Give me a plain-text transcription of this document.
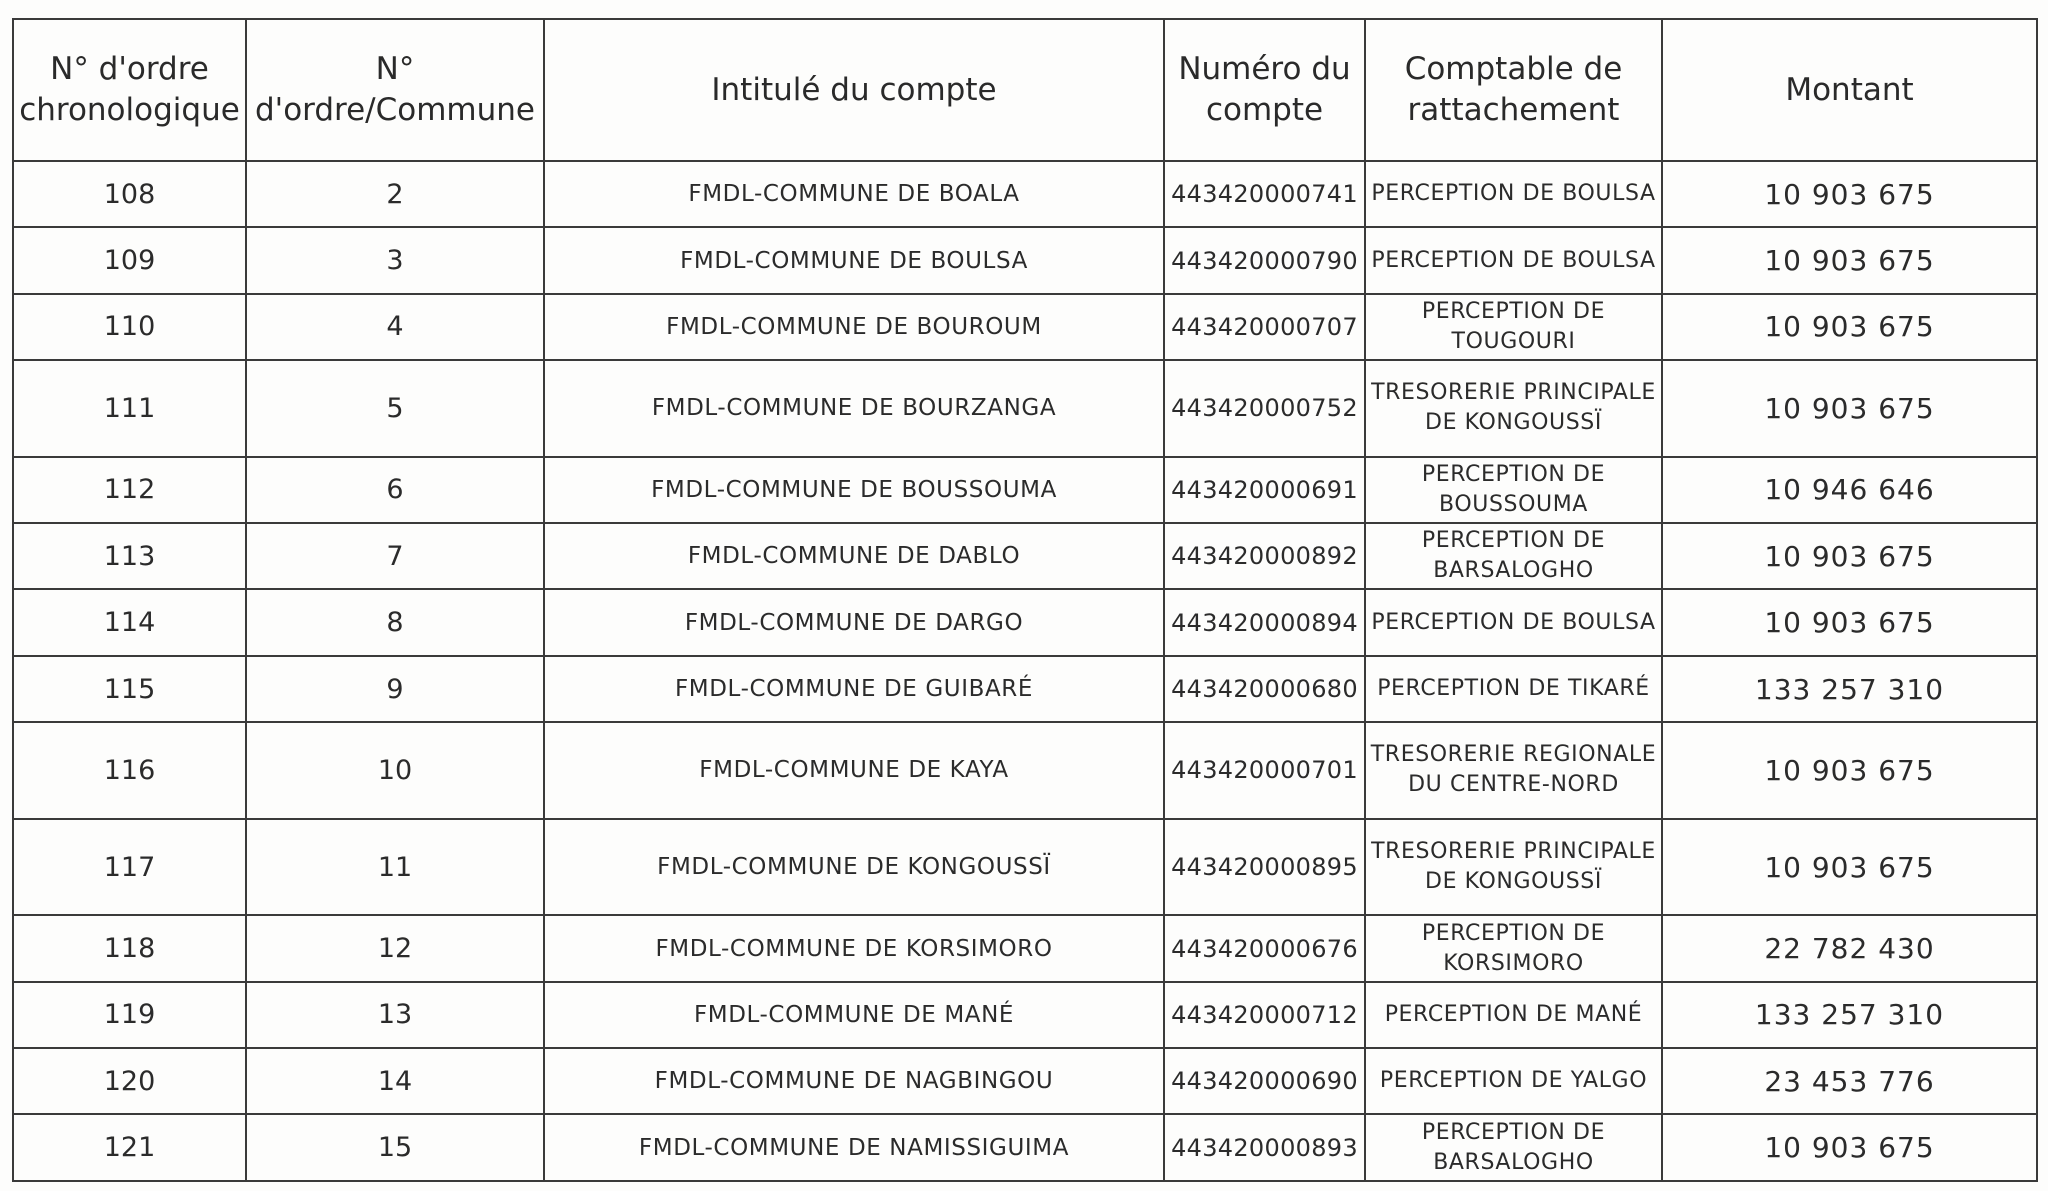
N° d'ordre chronologique	N° d'ordre/Commune	Intitulé du compte	Numéro du compte	Comptable de rattachement	Montant
108	2	FMDL-COMMUNE DE BOALA	443420000741	PERCEPTION DE BOULSA	10 903 675
109	3	FMDL-COMMUNE DE BOULSA	443420000790	PERCEPTION DE BOULSA	10 903 675
110	4	FMDL-COMMUNE DE BOUROUM	443420000707	PERCEPTION DE TOUGOURI	10 903 675
111	5	FMDL-COMMUNE DE BOURZANGA	443420000752	TRESORERIE PRINCIPALE DE KONGOUSSÏ	10 903 675
112	6	FMDL-COMMUNE DE BOUSSOUMA	443420000691	PERCEPTION DE BOUSSOUMA	10 946 646
113	7	FMDL-COMMUNE DE DABLO	443420000892	PERCEPTION DE BARSALOGHO	10 903 675
114	8	FMDL-COMMUNE DE DARGO	443420000894	PERCEPTION DE BOULSA	10 903 675
115	9	FMDL-COMMUNE DE GUIBARÉ	443420000680	PERCEPTION DE TIKARÉ	133 257 310
116	10	FMDL-COMMUNE DE KAYA	443420000701	TRESORERIE REGIONALE DU CENTRE-NORD	10 903 675
117	11	FMDL-COMMUNE DE KONGOUSSÏ	443420000895	TRESORERIE PRINCIPALE DE KONGOUSSÏ	10 903 675
118	12	FMDL-COMMUNE DE KORSIMORO	443420000676	PERCEPTION DE KORSIMORO	22 782 430
119	13	FMDL-COMMUNE DE MANÉ	443420000712	PERCEPTION DE MANÉ	133 257 310
120	14	FMDL-COMMUNE DE NAGBINGOU	443420000690	PERCEPTION DE YALGO	23 453 776
121	15	FMDL-COMMUNE DE NAMISSIGUIMA	443420000893	PERCEPTION DE BARSALOGHO	10 903 675
